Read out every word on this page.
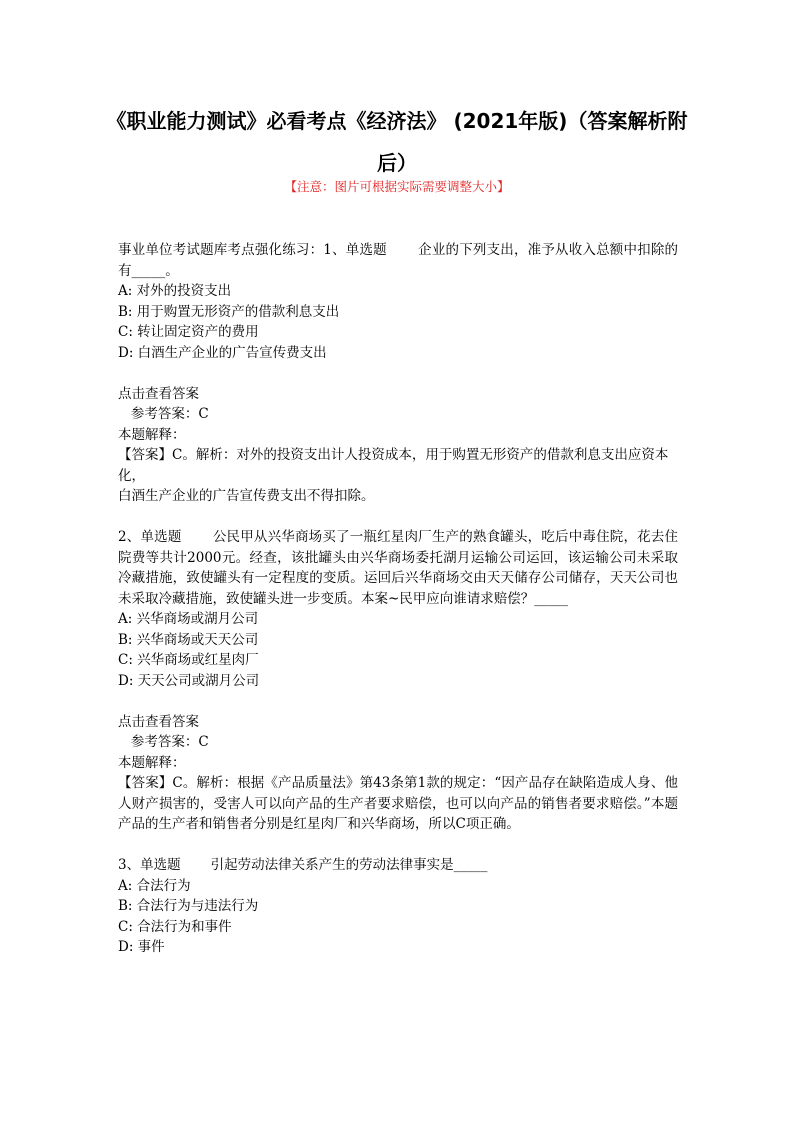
《职业能力测试》必看考点《经济法》 (2021年版)（答案解析附后）
【注意：图片可根据实际需要调整大小】

事业单位考试题库考点强化练习：1、单选题 企业的下列支出，准予从收入总额中扣除的有_____。

A: 对外的投资支出

B: 用于购置无形资产的借款利息支出

C: 转让固定资产的费用

D: 白酒生产企业的广告宣传费支出

点击查看答案

参考答案：C

本题解释：

【答案】C。解析：对外的投资支出计人投资成本，用于购置无形资产的借款利息支出应资本化，
白酒生产企业的广告宣传费支出不得扣除。

2、单选题 公民甲从兴华商场买了一瓶红星肉厂生产的熟食罐头，吃后中毒住院，花去住院费等共计2000元。经查，该批罐头由兴华商场委托湖月运输公司运回，该运输公司未采取冷藏措施，致使罐头有一定程度的变质。运回后兴华商场交由天天储存公司储存，天天公司也未采取冷藏措施，致使罐头进一步变质。本案~民甲应向谁请求赔偿？_____

A: 兴华商场或湖月公司

B: 兴华商场或天天公司

C: 兴华商场或红星肉厂

D: 天天公司或湖月公司

点击查看答案

参考答案：C

本题解释：

【答案】C。解析：根据《产品质量法》第43条第1款的规定：“因产品存在缺陷造成人身、他人财产损害的，受害人可以向产品的生产者要求赔偿，也可以向产品的销售者要求赔偿。”本题产品的生产者和销售者分别是红星肉厂和兴华商场，所以C项正确。

3、单选题 引起劳动法律关系产生的劳动法律事实是_____

A: 合法行为

B: 合法行为与违法行为

C: 合法行为和事件

D: 事件
